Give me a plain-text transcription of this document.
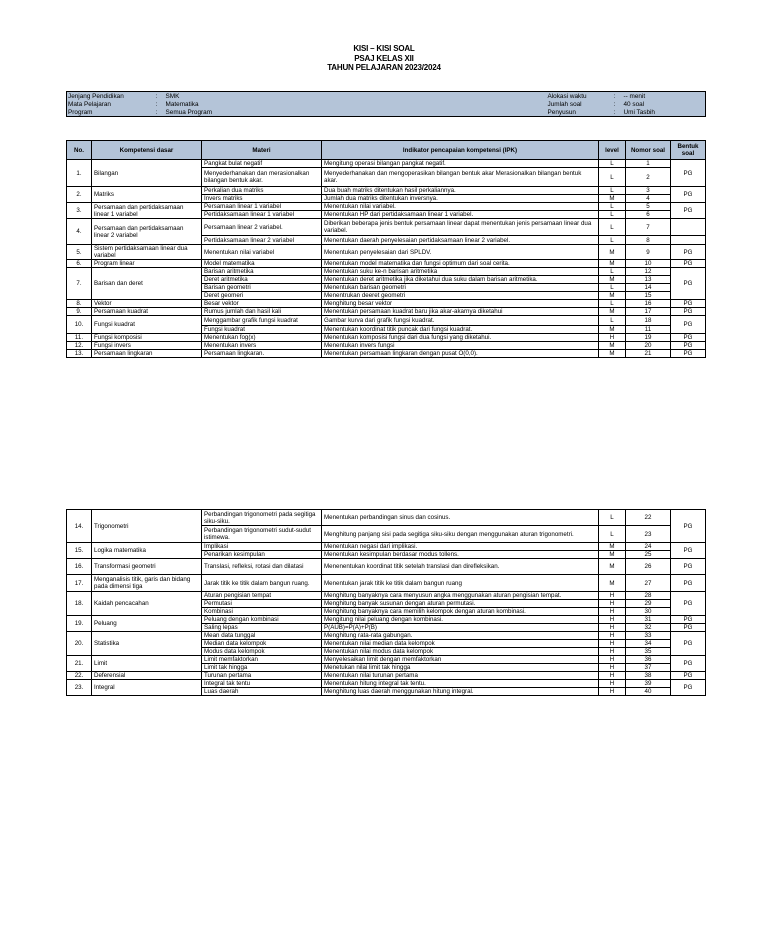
KISI – KISI SOAL
PSAJ KELAS XII
TAHUN PELAJARAN 2023/2024
Jenjang Pendidikan	:	SMK	Alokasi waktu	:	-- menit
Mata Pelajaran	:	Matematika	Jumlah soal	:	40 soal
Program	:	Semua Program	Penyusun	:	Umi Tasbih
No.	Kompetensi dasar	Materi	Indikator pencapaian kompetensi (IPK)	level	Nomor soal	Bentuk soal
1.	Bilangan	Pangkat bulat negatif	Mengitung operasi bilangan pangkat negatif.	L	1	PG
		Menyederhanakan dan merasionalkan bilangan bentuk akar.	Menyederhanakan dan mengoperasikan bilangan bentuk akar Merasionalkan bilangan bentuk akar.	L	2	
2.	Matriks	Perkalian dua matriks	Dua buah matriks ditentukan hasil perkaliannya.	L	3	PG
		Invers matriks	Jumlah dua matriks ditentukan inversnya.	M	4	
3.	Persamaan dan pertidaksamaan linear 1 variabel	Persamaan linear 1 variabel	Menentukan nilai variabel.	L	5	PG
		Pertidaksamaan linear 1 variabel	Menentukan HP dari pertidaksamaan linear 1 variabel.	L	6	
4.	Persamaan dan pertidaksamaan linear 2 variabel	Persamaan linear 2 variabel.	Diberikan beberapa jenis bentuk persamaan linear dapat menentukan jenis persamaan linear dua variabel.	L	7	
		Pertidaksamaan linear 2 variabel	Menentukan daerah penyelesaian pertidaksamaan linear 2 variabel.	L	8	
5.	Sistem pertidaksamaan linear dua variabel	Menentukan nilai variabel	Menentukan penyelesaian dari SPLDV.	M	9	PG
6.	Program linear	Model matematika	Menentukan model matematika dan fungsi optimum dari soal cerita.	M	10	PG
7.	Barisan dan deret	Barisan aritmetika	Menentukan suku ke-n barisan aritmetika	L	12	PG
		Deret aritmetika	Menentukan deret aritmetika jika diketahui dua suku dalam barisan aritmetika.	M	13	
		Barisan geometri	Menentukan barisan geometri	L	14	
		Deret geomeri	Menentrukan deeret geometri	M	15	
8.	Vektor	Besar vektor	Menghitung besar vektor	L	16	PG
9.	Persamaan kuadrat	Rumus jumlah dan hasil kali	Menentukan persamaan kuadrat baru jika akar-akarnya diketahui	M	17	PG
10.	Fungsi kuadrat	Menggambar grafik fungsi kuadrat	Gambar kurva dari grafik fungsi kuadrat.	L	18	PG
		Fungsi kuadrat	Menentukan koordinat titik puncak dari fungsi kuadrat.	M	11	
11.	Fungsi komposisi	Menentukan fog(x)	Menentukan komposisi fungsi dari dua fungsi yang diketahui.	H	19	PG
12.	Fungsi invers	Menentukan invers	Menentukan invers fungsi	M	20	PG
13.	Persamaan lingkaran	Persamaan lingkaran.	Menentukan persamaan lingkaran dengan pusat O(0,0).	M	21	PG
14.	Trigonometri	Perbandingan trigonometri pada segitiga siku-siku.	Menentukan perbandingan sinus dan cosinus.	L	22	PG
		Perbandingan trigonometri sudut-sudut istimewa.	Menghitung panjang sisi pada segitiga siku-siku dengan menggunakan aturan trigonometri.	L	23	
15.	Logika matematika	Implikasi	Menentukan negasi dari implikasi.	M	24	PG
		Penarikan kesimpulan	Menentukan kesimpulan berdasar modus tollens.	M	25	
16.	Transformasi geometri	Translasi, refleksi, rotasi dan dilatasi	Menenentukan koordinat titik setelah translasi dan direfleksikan.	M	26	PG
17.	Menganalisis titik, garis dan bidang pada dimensi tiga	Jarak titik ke titik dalam bangun ruang.	Menentukan jarak titik ke titik dalam bangun ruang	M	27	PG
18.	Kaidah pencacahan	Aturan pengisian tempat	Menghitung banyaknya cara menyusun angka menggunakan aturan pengisian tempat.	H	28	PG
		Permutasi	Menghitung banyak susunan dengan aturan permutasi.	H	29	
		Kombinasi	Menghitung banyaknya cara memilih kelompok dengan aturan kombinasi.	H	30	
19.	Peluang	Peluang dengan kombinasi	Mengitung nilai peluang dengan kombinasi.	H	31	PG
		Saling lepas	P(AUB)=P(A)+P(B)	H	32	PG
20.	Statistika	Mean data tunggal	Menghitung rata-rata gabungan.	H	33	PG
		Median data kelompok	Menentukan nilai median data kelompok	H	34	
		Modus data kelompok	Menentukan nilai modus data kelompok	H	35	
21.	Limit	Limit memfaktorkan	Menyelesaikan limit dengan memfaktorkan	H	36	PG
		Limit tak hingga	Menetukan nilai limit tak hingga	H	37	
22.	Deferensial	Turunan pertama	Menentukan nilai turunan pertama	H	38	PG
23.	Integral	Integral tak tentu	Menentukan hitung integral tak tentu.	H	39	PG
		Luas daerah	Menghitung luas daerah menggunakan hitung integral.	H	40	
